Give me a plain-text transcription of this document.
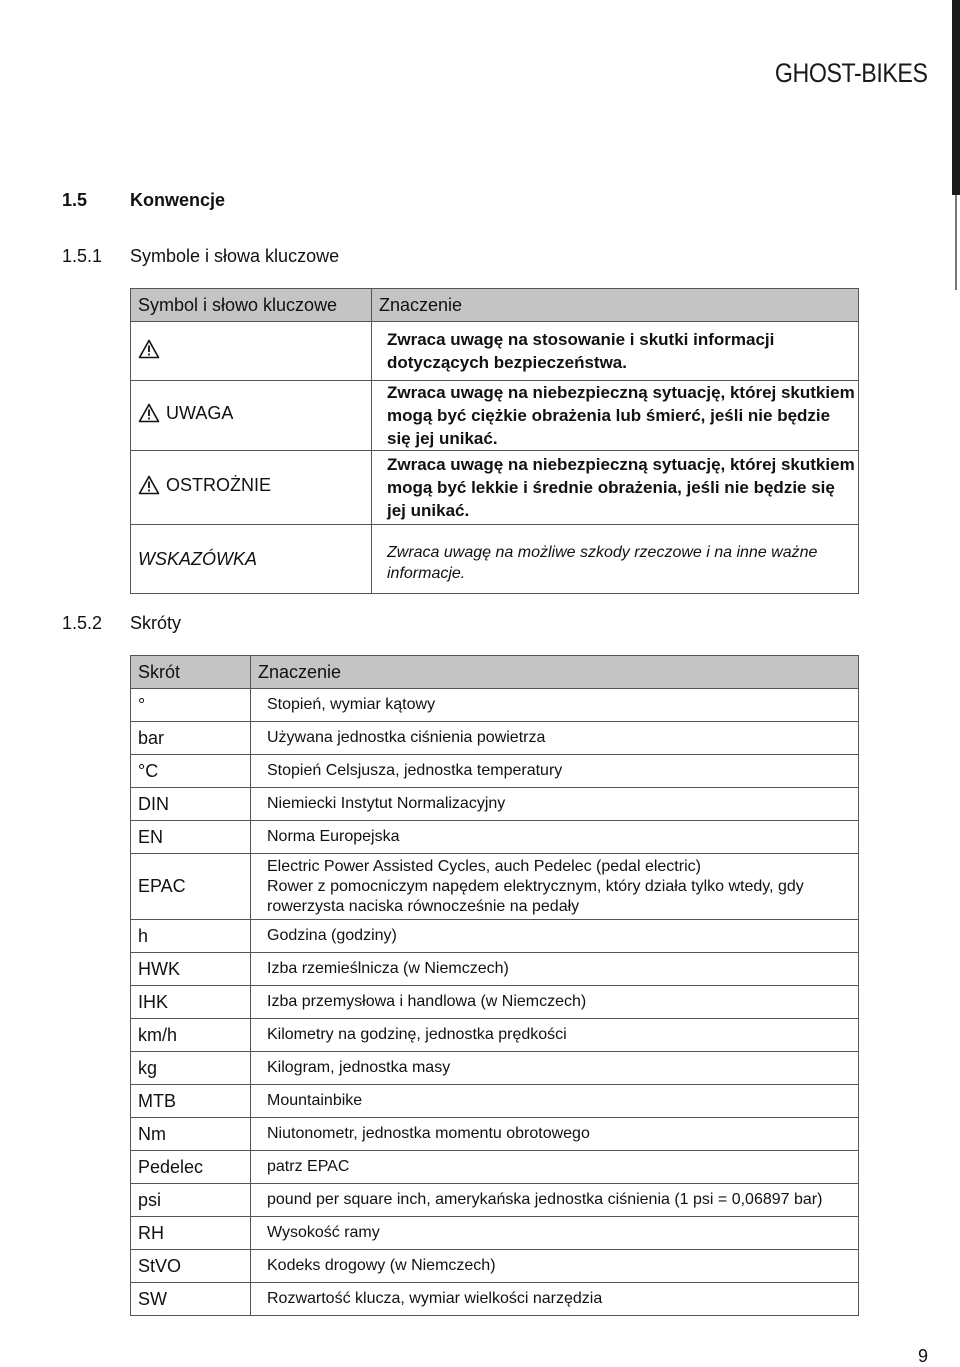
GHOST-BIKES
1.5 Konwencje
1.5.1 Symbole i słowa kluczowe
Symbol i słowo kluczowe	Znaczenie

	Zwraca uwagę na stosowanie i skutki informacji dotyczących bezpieczeństwa.

UWAGA	Zwraca uwagę na niebezpieczną sytuację, której skutkiem mogą być ciężkie obrażenia lub śmierć, jeśli nie będzie się jej unikać.

OSTROŻNIE	Zwraca uwagę na niebezpieczną sytuację, której skutkiem mogą być lekkie i średnie obrażenia, jeśli nie będzie się jej unikać.
WSKAZÓWKA	Zwraca uwagę na możliwe szkody rzeczowe i na inne ważne informacje.
1.5.2 Skróty
Skrót	Znaczenie
°	Stopień, wymiar kątowy
bar	Używana jednostka ciśnienia powietrza
°C	Stopień Celsjusza, jednostka temperatury
DIN	Niemiecki Instytut Normalizacyjny
EN	Norma Europejska
EPAC	Electric Power Assisted Cycles, auch Pedelec (pedal electric)
Rower z pomocniczym napędem elektrycznym, który działa tylko wtedy, gdy rowerzysta naciska równocześnie na pedały

h	Godzina (godziny)
HWK	Izba rzemieślnicza (w Niemczech)
IHK	Izba przemysłowa i handlowa (w Niemczech)
km/h	Kilometry na godzinę, jednostka prędkości
kg	Kilogram, jednostka masy
MTB	Mountainbike
Nm	Niutonometr, jednostka momentu obrotowego
Pedelec	patrz EPAC
psi	pound per square inch, amerykańska jednostka ciśnienia (1 psi = 0,06897 bar)
RH	Wysokość ramy
StVO	Kodeks drogowy (w Niemczech)
SW	Rozwartość klucza, wymiar wielkości narzędzia
9
